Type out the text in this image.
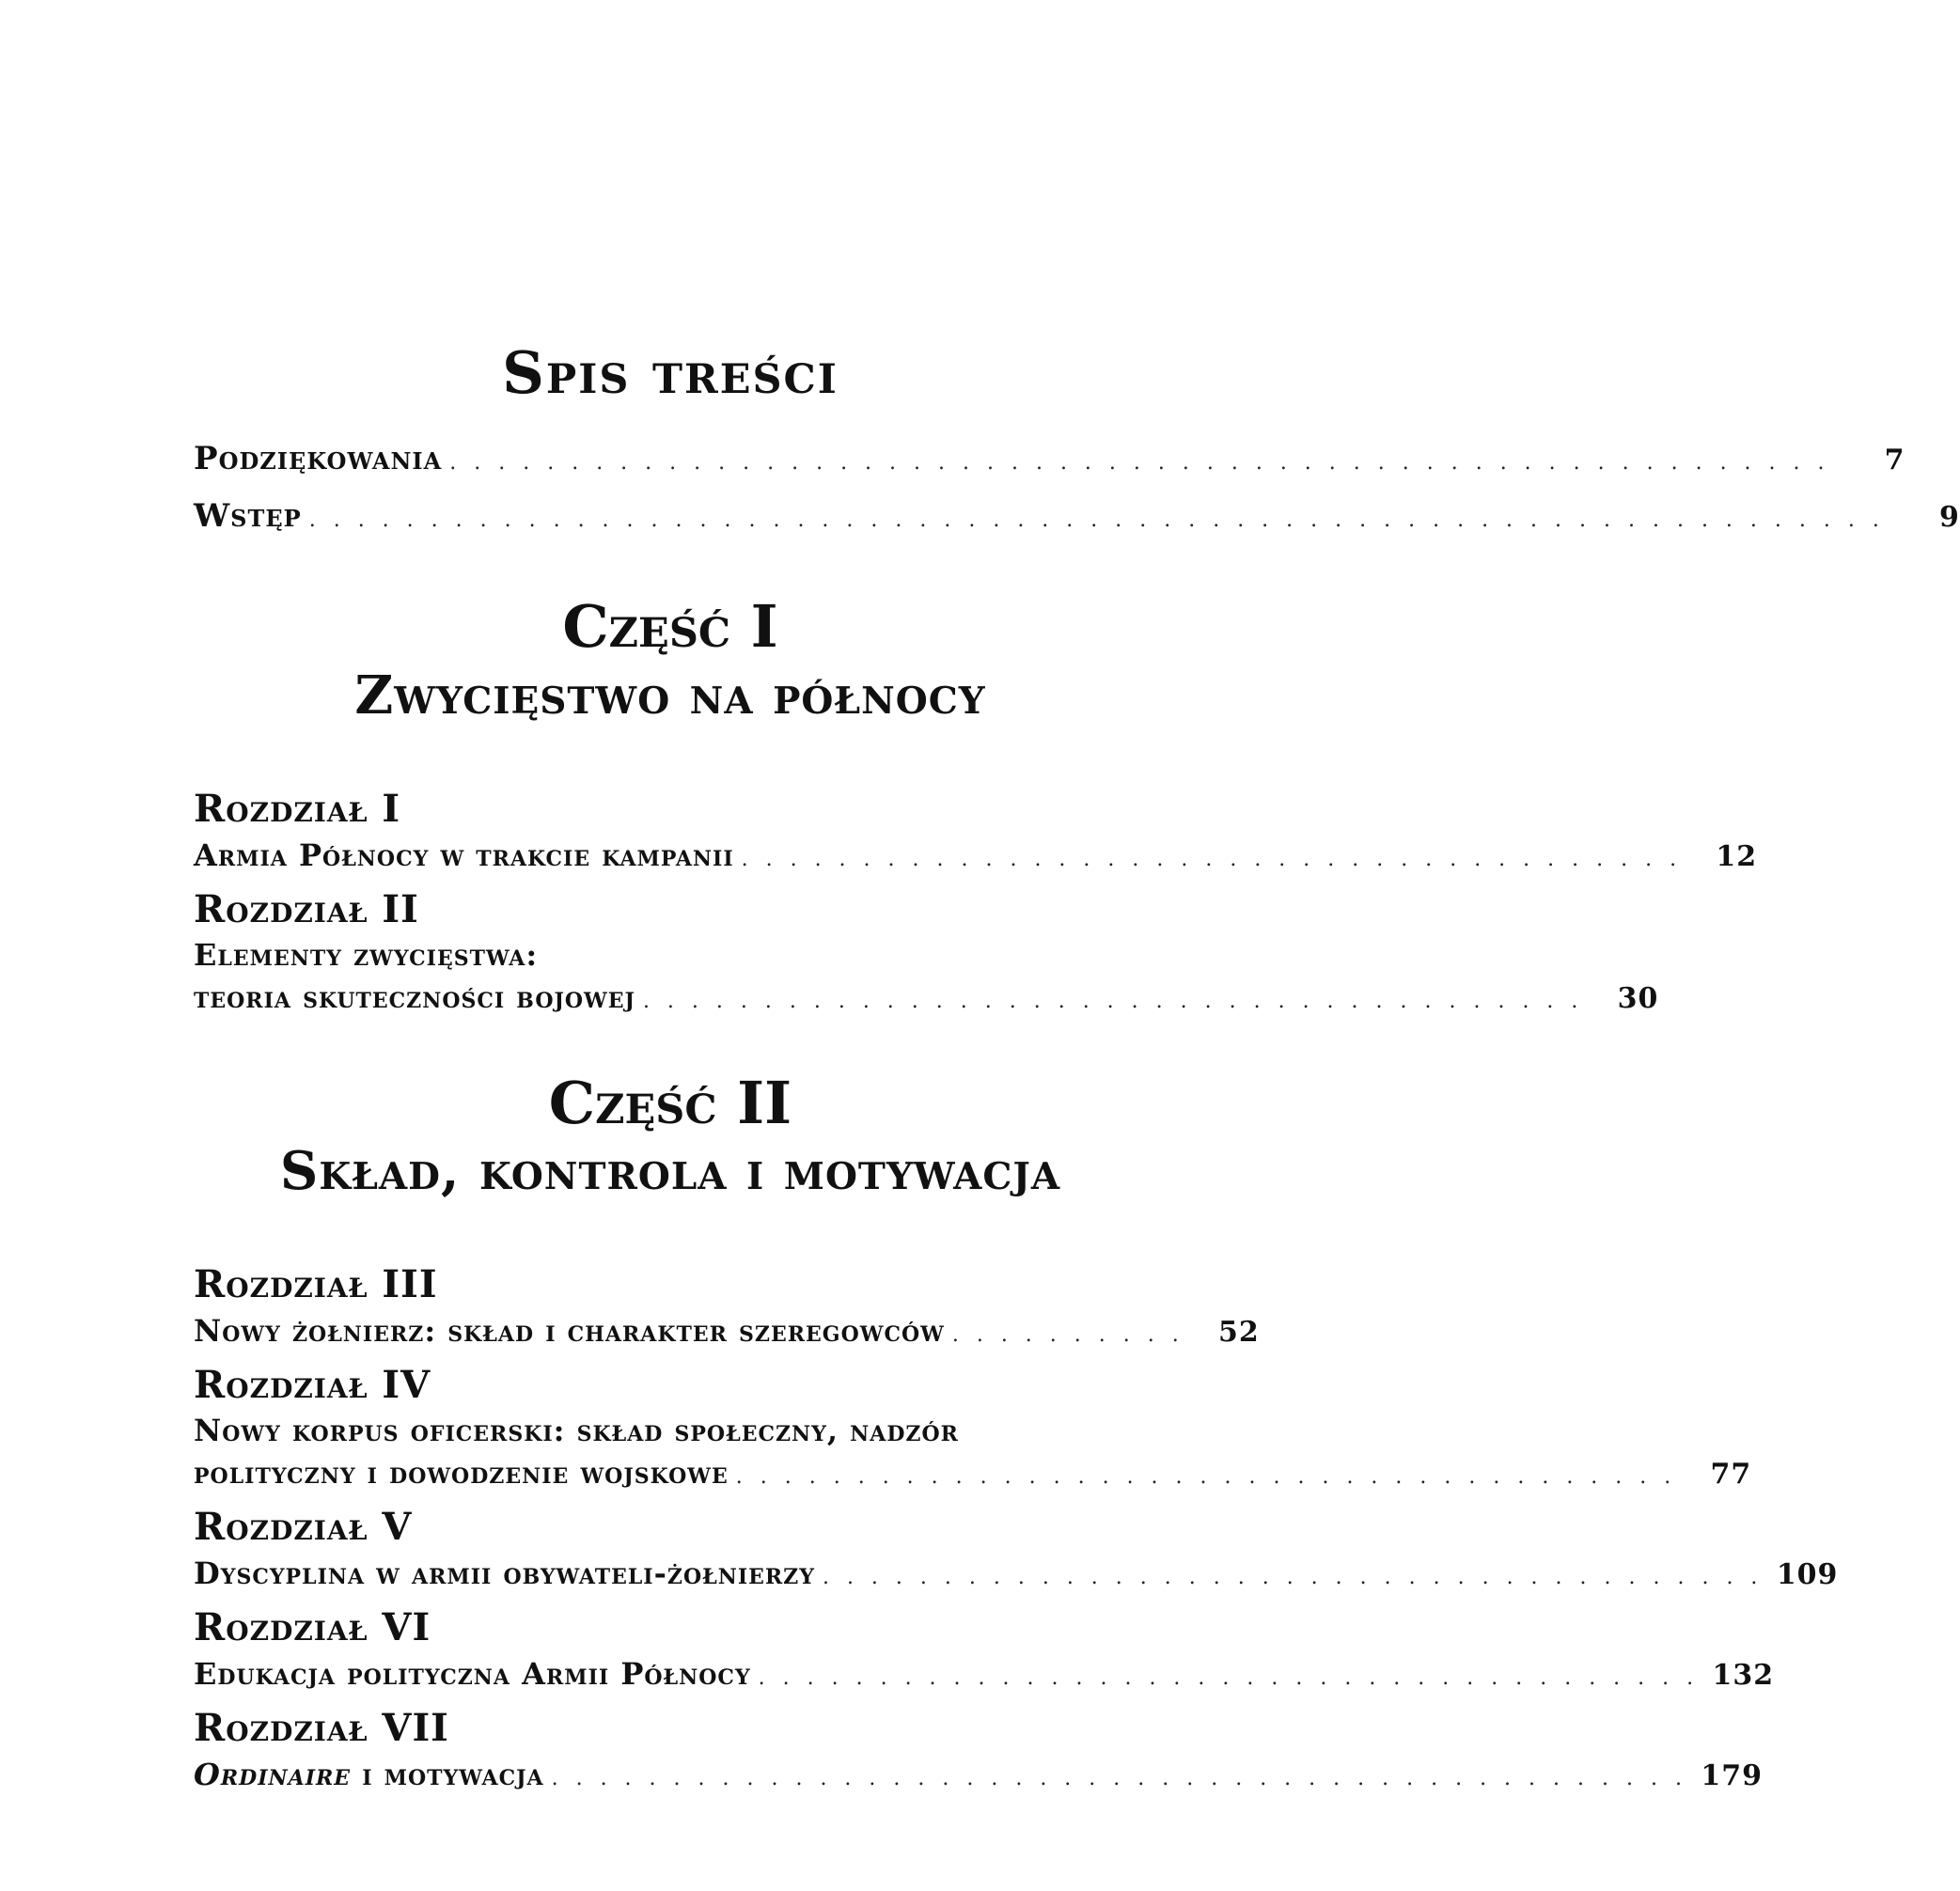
Spis treści
Podziękowania . . . . . . . . . . . . . . . . . . . . . . . . . . . . . . . . . . . . . . . . . . . . . . . . . . . . . . . . .	7
Wstęp . . . . . . . . . . . . . . . . . . . . . . . . . . . . . . . . . . . . . . . . . . . . . . . . . . . . . . . . . . . . . . . . .	9
Część I
Zwycięstwo na północy
Rozdział I
Armia Północy w trakcie kampanii . . . . . . . . . . . . . . . . . . . . . . . . . . . . . . . . . . . . . . .	12
Rozdział II
Elementy zwycięstwa:
teoria skuteczności bojowej . . . . . . . . . . . . . . . . . . . . . . . . . . . . . . . . . . . . . . .	30
Część II
Skład, kontrola i motywacja
Rozdział III
Nowy żołnierz: skład i charakter szeregowców . . . . . . . . . .	52
Rozdział IV
Nowy korpus oficerski: skład społeczny, nadzór
polityczny i dowodzenie wojskowe . . . . . . . . . . . . . . . . . . . . . . . . . . . . . . . . . . . . . . .	77
Rozdział V
Dyscyplina w armii obywateli-żołnierzy . . . . . . . . . . . . . . . . . . . . . . . . . . . . . . . . . . . . . . . 109
Rozdział VI
Edukacja polityczna Armii Północy . . . . . . . . . . . . . . . . . . . . . . . . . . . . . . . . . . . . . . . 132
Rozdział VII
Ordinaire i motywacja . . . . . . . . . . . . . . . . . . . . . . . . . . . . . . . . . . . . . . . . . . . . . . . 179
